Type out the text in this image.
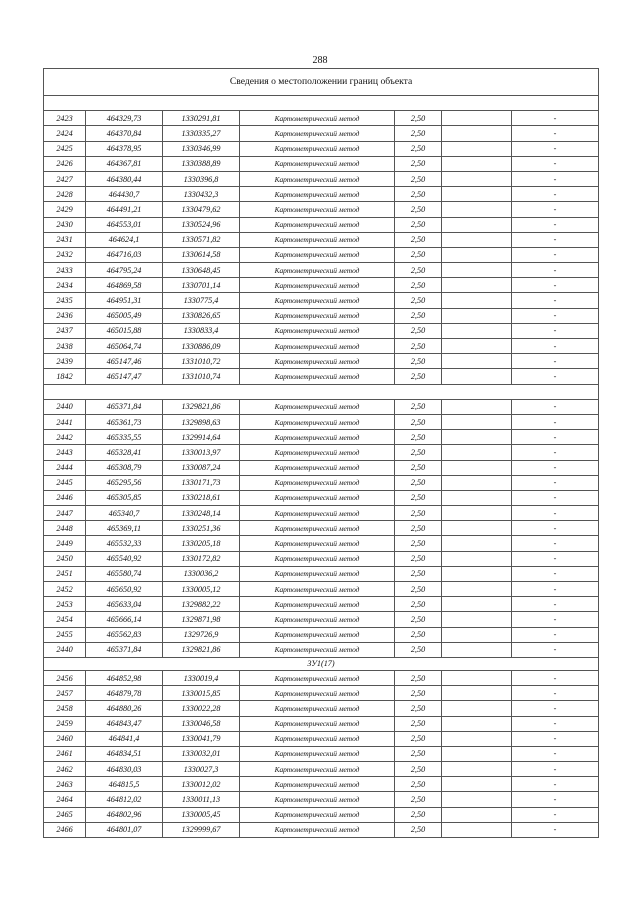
288
Сведения о местоположении границ объекта						

2423	464329,73	1330291,81	Картометрический метод	2,50		-
2424	464370,84	1330335,27	Картометрический метод	2,50		-
2425	464378,95	1330346,99	Картометрический метод	2,50		-
2426	464367,81	1330388,89	Картометрический метод	2,50		-
2427	464380,44	1330396,8	Картометрический метод	2,50		-
2428	464430,7	1330432,3	Картометрический метод	2,50		-
2429	464491,21	1330479,62	Картометрический метод	2,50		-
2430	464553,01	1330524,96	Картометрический метод	2,50		-
2431	464624,1	1330571,82	Картометрический метод	2,50		-
2432	464716,03	1330614,58	Картометрический метод	2,50		-
2433	464795,24	1330648,45	Картометрический метод	2,50		-
2434	464869,58	1330701,14	Картометрический метод	2,50		-
2435	464951,31	1330775,4	Картометрический метод	2,50		-
2436	465005,49	1330826,65	Картометрический метод	2,50		-
2437	465015,88	1330833,4	Картометрический метод	2,50		-
2438	465064,74	1330886,09	Картометрический метод	2,50		-
2439	465147,46	1331010,72	Картометрический метод	2,50		-
1842	465147,47	1331010,74	Картометрический метод	2,50		-

2440	465371,84	1329821,86	Картометрический метод	2,50		-
2441	465361,73	1329898,63	Картометрический метод	2,50		-
2442	465335,55	1329914,64	Картометрический метод	2,50		-
2443	465328,41	1330013,97	Картометрический метод	2,50		-
2444	465308,79	1330087,24	Картометрический метод	2,50		-
2445	465295,56	1330171,73	Картометрический метод	2,50		-
2446	465305,85	1330218,61	Картометрический метод	2,50		-
2447	465340,7	1330248,14	Картометрический метод	2,50		-
2448	465369,11	1330251,36	Картометрический метод	2,50		-
2449	465532,33	1330205,18	Картометрический метод	2,50		-
2450	465540,92	1330172,82	Картометрический метод	2,50		-
2451	465580,74	1330036,2	Картометрический метод	2,50		-
2452	465650,92	1330005,12	Картометрический метод	2,50		-
2453	465633,04	1329882,22	Картометрический метод	2,50		-
2454	465666,14	1329871,98	Картометрический метод	2,50		-
2455	465562,83	1329726,9	Картометрический метод	2,50		-
2440	465371,84	1329821,86	Картометрический метод	2,50		-
ЗУ1(17)						
2456	464852,98	1330019,4	Картометрический метод	2,50		-
2457	464879,78	1330015,85	Картометрический метод	2,50		-
2458	464880,26	1330022,28	Картометрический метод	2,50		-
2459	464843,47	1330046,58	Картометрический метод	2,50		-
2460	464841,4	1330041,79	Картометрический метод	2,50		-
2461	464834,51	1330032,01	Картометрический метод	2,50		-
2462	464830,03	1330027,3	Картометрический метод	2,50		-
2463	464815,5	1330012,02	Картометрический метод	2,50		-
2464	464812,02	1330011,13	Картометрический метод	2,50		-
2465	464802,96	1330005,45	Картометрический метод	2,50		-
2466	464801,07	1329999,67	Картометрический метод	2,50		-
